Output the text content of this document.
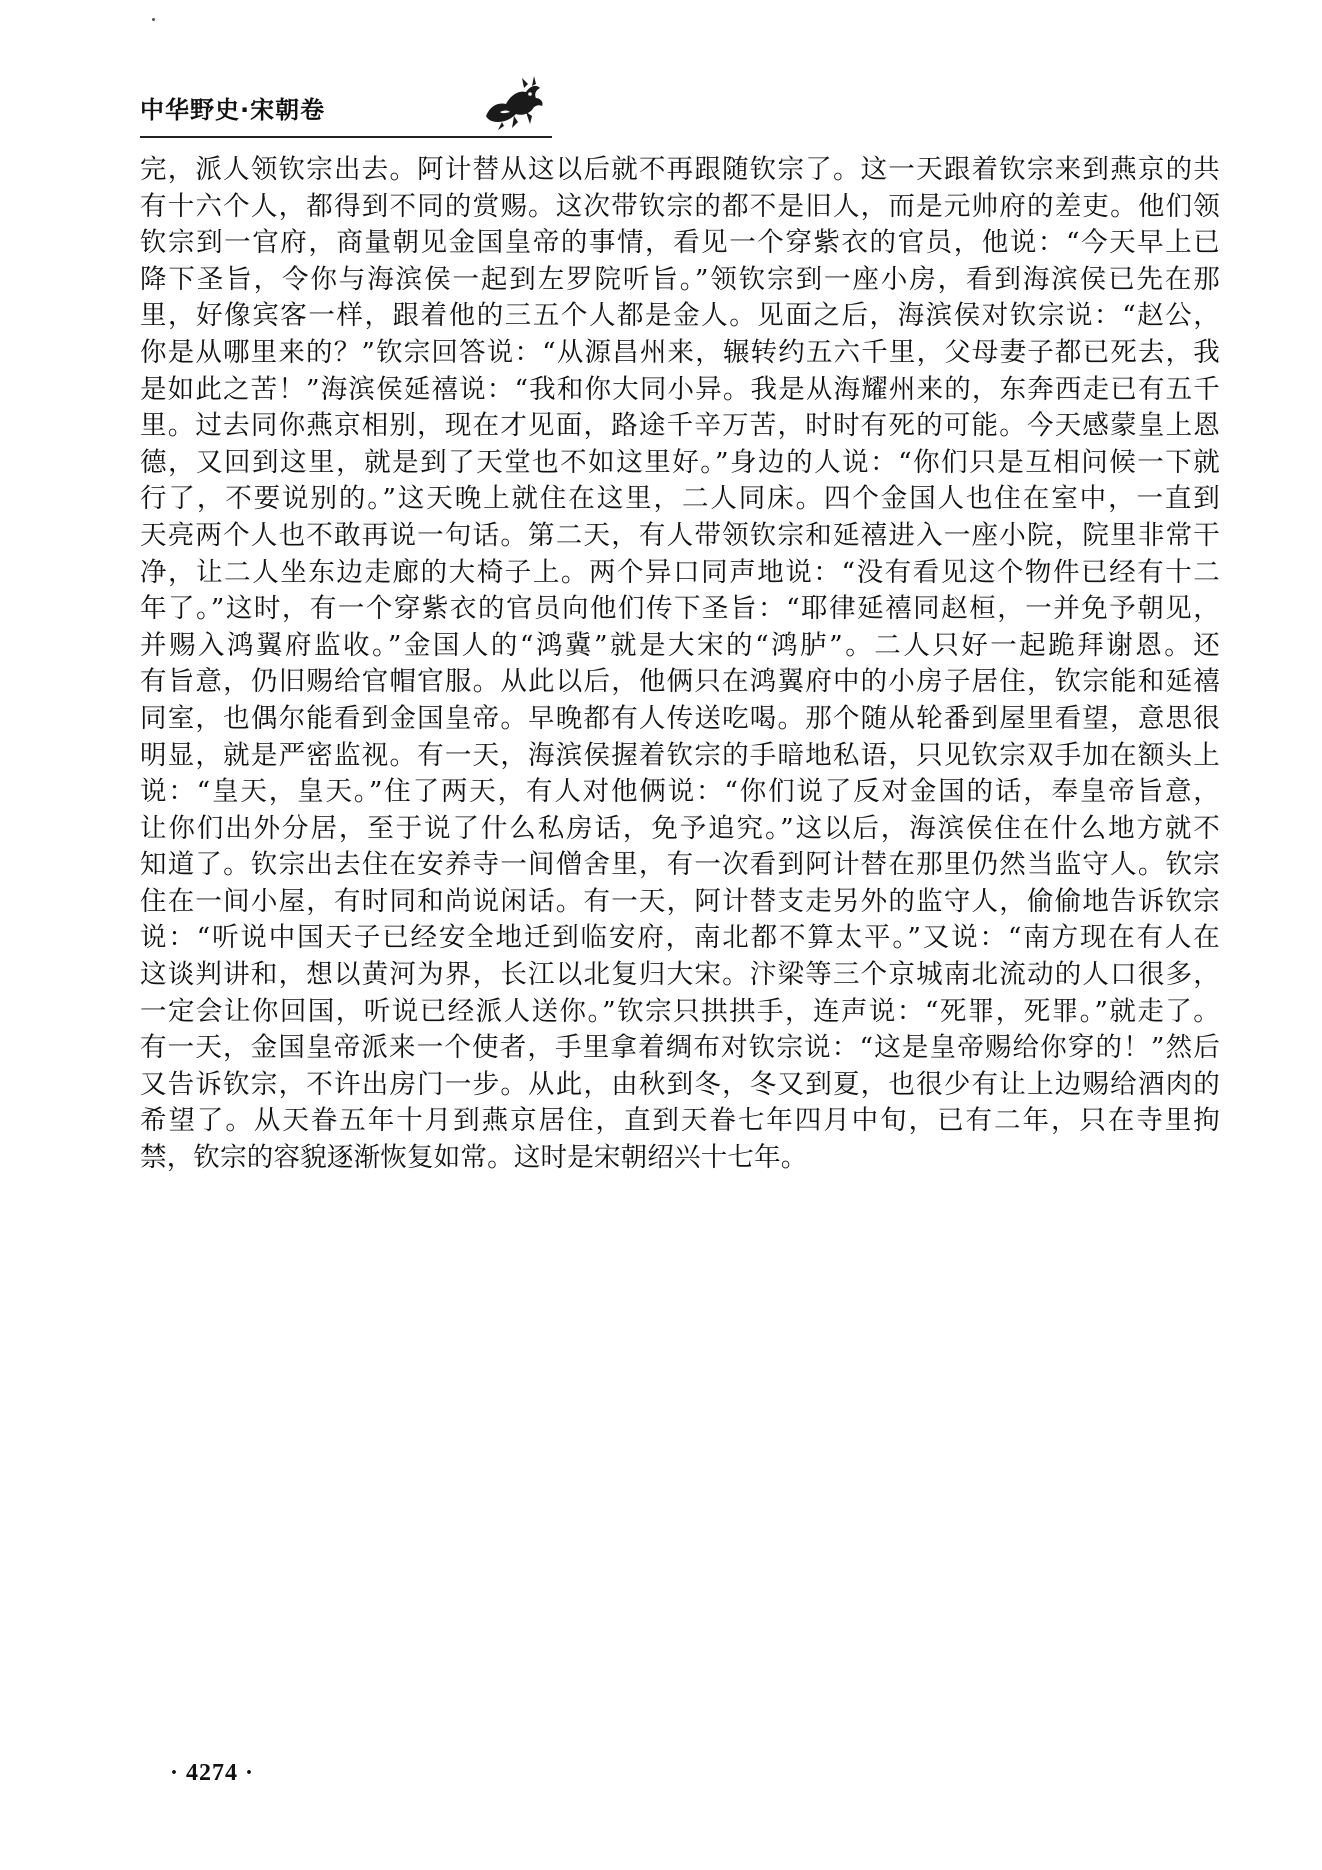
中华野史·宋朝卷
完，派人领钦宗出去。阿计替从这以后就不再跟随钦宗了。这一天跟着钦宗来到燕京的共
有十六个人，都得到不同的赏赐。这次带钦宗的都不是旧人，而是元帅府的差吏。他们领
钦宗到一官府，商量朝见金国皇帝的事情，看见一个穿紫衣的官员，他说：“今天早上已
降下圣旨，令你与海滨侯一起到左罗院听旨。”领钦宗到一座小房，看到海滨侯已先在那
里，好像宾客一样，跟着他的三五个人都是金人。见面之后，海滨侯对钦宗说：“赵公，
你是从哪里来的？”钦宗回答说：“从源昌州来，辗转约五六千里，父母妻子都已死去，我
是如此之苦！”海滨侯延禧说：“我和你大同小异。我是从海耀州来的，东奔西走已有五千
里。过去同你燕京相别，现在才见面，路途千辛万苦，时时有死的可能。今天感蒙皇上恩
德，又回到这里，就是到了天堂也不如这里好。”身边的人说：“你们只是互相问候一下就
行了，不要说别的。”这天晚上就住在这里，二人同床。四个金国人也住在室中，一直到
天亮两个人也不敢再说一句话。第二天，有人带领钦宗和延禧进入一座小院，院里非常干
净，让二人坐东边走廊的大椅子上。两个异口同声地说：“没有看见这个物件已经有十二
年了。”这时，有一个穿紫衣的官员向他们传下圣旨：“耶律延禧同赵桓，一并免予朝见，
并赐入鸿翼府监收。”金国人的“鸿冀”就是大宋的“鸿胪”。二人只好一起跪拜谢恩。还
有旨意，仍旧赐给官帽官服。从此以后，他俩只在鸿翼府中的小房子居住，钦宗能和延禧
同室，也偶尔能看到金国皇帝。早晚都有人传送吃喝。那个随从轮番到屋里看望，意思很
明显，就是严密监视。有一天，海滨侯握着钦宗的手暗地私语，只见钦宗双手加在额头上
说：“皇天，皇天。”住了两天，有人对他俩说：“你们说了反对金国的话，奉皇帝旨意，
让你们出外分居，至于说了什么私房话，免予追究。”这以后，海滨侯住在什么地方就不
知道了。钦宗出去住在安养寺一间僧舍里，有一次看到阿计替在那里仍然当监守人。钦宗
住在一间小屋，有时同和尚说闲话。有一天，阿计替支走另外的监守人，偷偷地告诉钦宗
说：“听说中国天子已经安全地迁到临安府，南北都不算太平。”又说：“南方现在有人在
这谈判讲和，想以黄河为界，长江以北复归大宋。汴梁等三个京城南北流动的人口很多，
一定会让你回国，听说已经派人送你。”钦宗只拱拱手，连声说：“死罪，死罪。”就走了。
有一天，金国皇帝派来一个使者，手里拿着绸布对钦宗说：“这是皇帝赐给你穿的！”然后
又告诉钦宗，不许出房门一步。从此，由秋到冬，冬又到夏，也很少有让上边赐给酒肉的
希望了。从天眷五年十月到燕京居住，直到天眷七年四月中旬，已有二年，只在寺里拘
禁，钦宗的容貌逐渐恢复如常。这时是宋朝绍兴十七年。
· 4274 ·
